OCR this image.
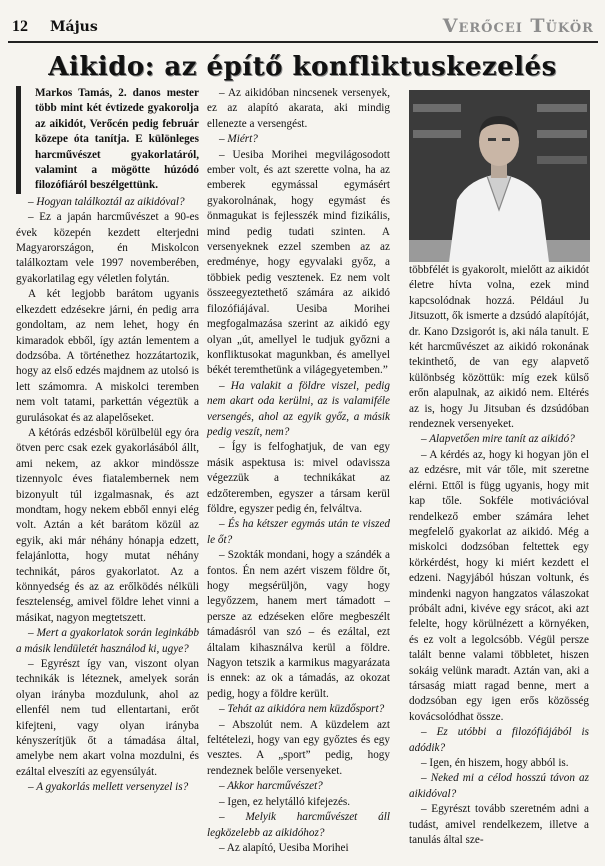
12 Május	Verőcei Tükör
Aikido: az építő konfliktuskezelés

Markos Tamás, 2. danos mester több mint két évtizede gyakorolja az aikidót, Verőcén pedig február közepe óta tanítja. E különleges harcművészet gyakorlatáról, valamint a mögötte húzódó filozófiáról beszélgettünk.

– Hogyan találkoztál az aikidóval?

– Ez a japán harcművészet a 90-es évek közepén kezdett elterjedni Magyarországon, én Miskolcon találkoztam vele 1997 novemberében, gyakorlatilag egy véletlen folytán.

A két legjobb barátom ugyanis elkezdett edzésekre járni, én pedig arra gondoltam, az nem lehet, hogy én kimaradok ebből, így aztán lementem a dodzsóba. A történethez hozzátartozik, hogy az első edzés majdnem az utolsó is lett számomra. A miskolci teremben nem volt tatami, parkettán végeztük a gurulásokat és az alapelőseket.

A kétórás edzésből körülbelül egy óra ötven perc csak ezek gyakorlásából állt, ami nekem, az akkor mindössze tizennyolc éves fiatalembernek nem bizonyult túl izgalmasnak, és azt mondtam, hogy nekem ebből ennyi elég volt. Aztán a két barátom közül az egyik, aki már néhány hónapja edzett, felajánlotta, hogy mutat néhány technikát, páros gyakorlatot. Az a könnyedség és az az erőlködés nélküli fesztelenség, amivel földre lehet vinni a másikat, nagyon megtetszett.

– Mert a gyakorlatok során leginkább a másik lendületét használod ki, ugye?

– Egyrészt így van, viszont olyan technikák is léteznek, amelyek során olyan irányba mozdulunk, ahol az ellenfél nem tud ellentartani, erőt kifejteni, vagy olyan irányba kényszerítjük őt a támadása által, amelybe nem akart volna mozdulni, és ezáltal elveszíti az egyensúlyát.

– A gyakorlás mellett versenyzel is?

– Az aikidóban nincsenek versenyek, ez az alapító akarata, aki mindig ellenezte a versengést.

– Miért?

– Uesiba Morihei megvilágosodott ember volt, és azt szerette volna, ha az emberek egymással egymásért gyakorolnának, hogy egymást és önmagukat is fejlesszék mind fizikális, mind pedig tudati szinten. A versenyeknek ezzel szemben az az eredménye, hogy egyvalaki győz, a többiek pedig vesztenek. Ez nem volt összeegyeztethető számára az aikidó filozófiájával. Uesiba Morihei megfogalmazása szerint az aikidó egy olyan „út, amellyel le tudjuk győzni a konfliktusokat magunkban, és amellyel békét teremthetünk a világegyetemben.”

– Ha valakit a földre viszel, pedig nem akart oda kerülni, az is valamiféle versengés, ahol az egyik győz, a másik pedig veszít, nem?

– Így is felfoghatjuk, de van egy másik aspektusa is: mivel odavissza végezzük a technikákat az edzőteremben, egyszer a társam kerül földre, egyszer pedig én, felváltva.

– És ha kétszer egymás után te viszed le őt?

– Szokták mondani, hogy a szándék a fontos. Én nem azért viszem földre őt, hogy megsérüljön, vagy hogy legyőzzem, hanem mert támadott – persze az edzéseken előre megbeszélt támadásról van szó – és ezáltal, ezt általam kihasználva kerül a földre. Nagyon tetszik a karmikus magyarázata is ennek: az ok a támadás, az okozat pedig, hogy a földre került.

– Tehát az aikidóra nem küzdősport?

– Abszolút nem. A küzdelem azt feltételezi, hogy van egy győztes és egy vesztes. A „sport” pedig, hogy rendeznek belőle versenyeket.

– Akkor harcművészet?

– Igen, ez helytálló kifejezés.

– Melyik harcművészet áll legközelebb az aikidóhoz?

– Az alapító, Uesiba Morihei

többfélét is gyakorolt, mielőtt az aikidót életre hívta volna, ezek mind kapcsolódnak hozzá. Például Ju Jitsuzott, ők ismerte a dzsúdó alapítóját, dr. Kano Dzsigorót is, aki nála tanult. E két harcművészet az aikidó rokonának tekinthető, de van egy alapvető különbség közöttük: míg ezek külső erőn alapulnak, az aikidó nem. Eltérés az is, hogy Ju Jitsuban és dzsúdóban rendeznek versenyeket.

– Alapvetően mire tanít az aikidó?

– A kérdés az, hogy ki hogyan jön el az edzésre, mit vár tőle, mit szeretne elérni. Ettől is függ ugyanis, hogy mit kap tőle. Sokféle motivációval rendelkező ember számára lehet megfelelő gyakorlat az aikidó. Még a miskolci dodzsóban feltettek egy körkérdést, hogy ki miért kezdett el edzeni. Nagyjából húszan voltunk, és mindenki nagyon hangzatos válaszokat próbált adni, kivéve egy srácot, aki azt felelte, hogy körülnézett a környéken, és ez volt a legolcsóbb. Végül persze talált benne valami többletet, hiszen sokáig velünk maradt. Aztán van, aki a társaság miatt ragad benne, mert a dodzsóban egy igen erős közösség kovácsolódhat össze.

– Ez utóbbi a filozófiájából is adódik?

– Igen, én hiszem, hogy abból is.

– Neked mi a célod hosszú távon az aikidóval?

– Egyrészt tovább szeretném adni a tudást, amivel rendelkezem, illetve a tanulás által sze-
